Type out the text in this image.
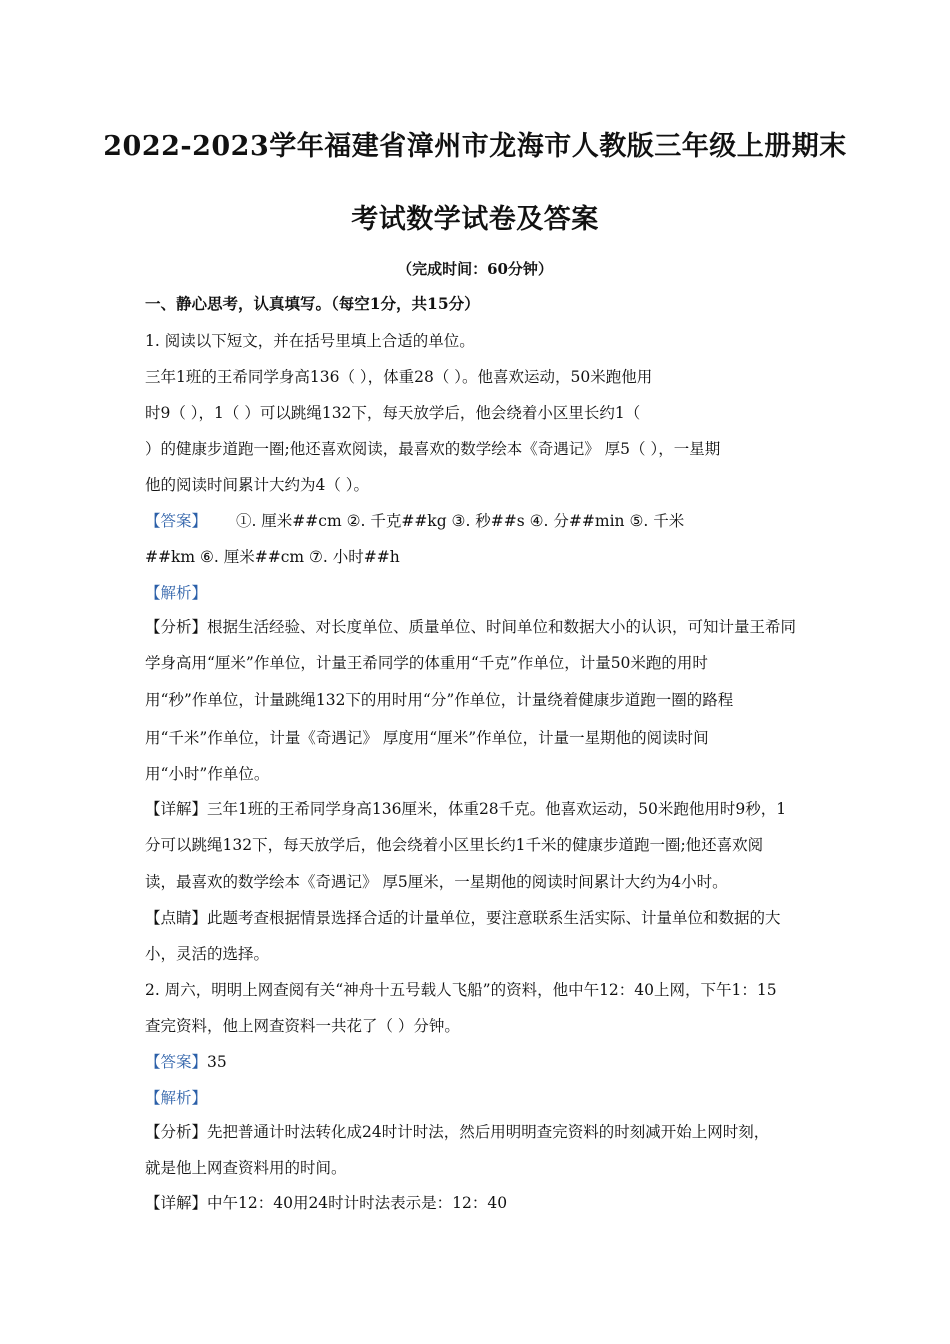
2022-2023学年福建省漳州市龙海市人教版三年级上册期末
考试数学试卷及答案
（完成时间：60分钟）
一、静心思考，认真填写。（每空1分，共15分）
1. 阅读以下短文，并在括号里填上合适的单位。
三年1班的王希同学身高136（ ），体重28（ ）。他喜欢运动，50米跑他用
时9（ ），1（ ）可以跳绳132下，每天放学后，他会绕着小区里长约1（
）的健康步道跑一圈;他还喜欢阅读，最喜欢的数学绘本《奇遇记》 厚5（ ），一星期
他的阅读时间累计大约为4（ ）。
【答案】 ①. 厘米##cm ②. 千克##kg ③. 秒##s ④. 分##min ⑤. 千米
##km ⑥. 厘米##cm ⑦. 小时##h
【解析】
【分析】根据生活经验、对长度单位、质量单位、时间单位和数据大小的认识，可知计量王希同
学身高用“厘米”作单位，计量王希同学的体重用“千克”作单位，计量50米跑的用时
用“秒”作单位，计量跳绳132下的用时用“分”作单位，计量绕着健康步道跑一圈的路程
用“千米”作单位，计量《奇遇记》 厚度用“厘米”作单位，计量一星期他的阅读时间
用“小时”作单位。
【详解】三年1班的王希同学身高136厘米，体重28千克。他喜欢运动，50米跑他用时9秒，1
分可以跳绳132下，每天放学后，他会绕着小区里长约1千米的健康步道跑一圈;他还喜欢阅
读，最喜欢的数学绘本《奇遇记》 厚5厘米，一星期他的阅读时间累计大约为4小时。
【点睛】此题考查根据情景选择合适的计量单位，要注意联系生活实际、计量单位和数据的大
小，灵活的选择。
2. 周六，明明上网查阅有关“神舟十五号载人飞船”的资料，他中午12：40上网，下午1：15
查完资料，他上网查资料一共花了（ ）分钟。
【答案】35
【解析】
【分析】先把普通计时法转化成24时计时法，然后用明明查完资料的时刻减开始上网时刻，
就是他上网查资料用的时间。
【详解】中午12：40用24时计时法表示是：12：40
